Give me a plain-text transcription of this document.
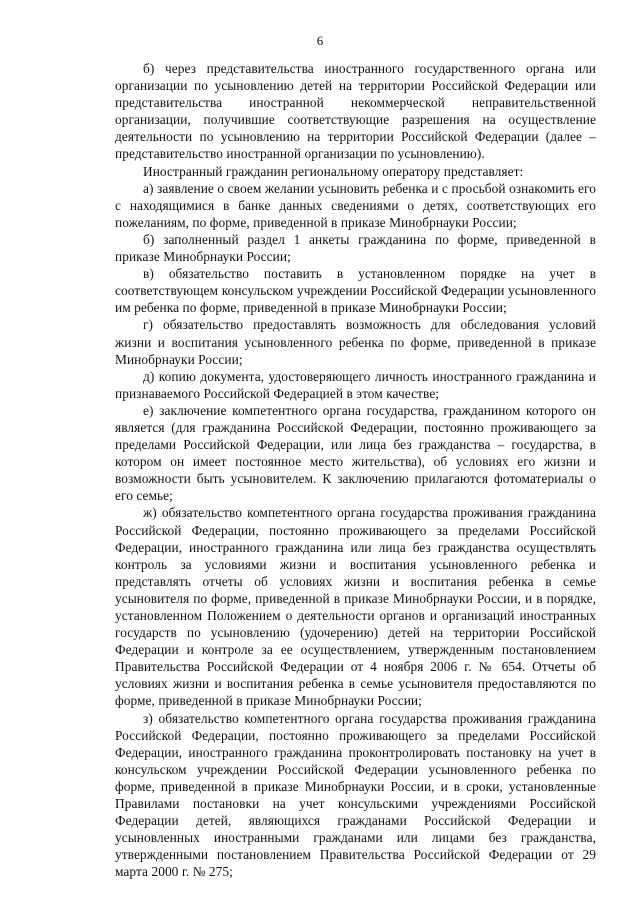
6

б) через представительства иностранного государственного органа или организации по усыновлению детей на территории Российской Федерации или представительства иностранной некоммерческой неправительственной организации, получившие соответствующие разрешения на осуществление деятельности по усыновлению на территории Российской Федерации (далее – представительство иностранной организации по усыновлению).

Иностранный гражданин региональному оператору представляет:

а) заявление о своем желании усыновить ребенка и с просьбой ознакомить его с находящимися в банке данных сведениями о детях, соответствующих его пожеланиям, по форме, приведенной в приказе Минобрнауки России;

б) заполненный раздел 1 анкеты гражданина по форме, приведенной в приказе Минобрнауки России;

в) обязательство поставить в установленном порядке на учет в соответствующем консульском учреждении Российской Федерации усыновленного им ребенка по форме, приведенной в приказе Минобрнауки России;

г) обязательство предоставлять возможность для обследования условий жизни и воспитания усыновленного ребенка по форме, приведенной в приказе Минобрнауки России;

д) копию документа, удостоверяющего личность иностранного гражданина и признаваемого Российской Федерацией в этом качестве;

е) заключение компетентного органа государства, гражданином которого он является (для гражданина Российской Федерации, постоянно проживающего за пределами Российской Федерации, или лица без гражданства – государства, в котором он имеет постоянное место жительства), об условиях его жизни и возможности быть усыновителем. К заключению прилагаются фотоматериалы о его семье;

ж) обязательство компетентного органа государства проживания гражданина Российской Федерации, постоянно проживающего за пределами Российской Федерации, иностранного гражданина или лица без гражданства осуществлять контроль за условиями жизни и воспитания усыновленного ребенка и представлять отчеты об условиях жизни и воспитания ребенка в семье усыновителя по форме, приведенной в приказе Минобрнауки России, и в порядке, установленном Положением о деятельности органов и организаций иностранных государств по усыновлению (удочерению) детей на территории Российской Федерации и контроле за ее осуществлением, утвержденным постановлением Правительства Российской Федерации от 4 ноября 2006 г. № 654. Отчеты об условиях жизни и воспитания ребенка в семье усыновителя предоставляются по форме, приведенной в приказе Минобрнауки России;

з) обязательство компетентного органа государства проживания гражданина Российской Федерации, постоянно проживающего за пределами Российской Федерации, иностранного гражданина проконтролировать постановку на учет в консульском учреждении Российской Федерации усыновленного ребенка по форме, приведенной в приказе Минобрнауки России, и в сроки, установленные Правилами постановки на учет консульскими учреждениями Российской Федерации детей, являющихся гражданами Российской Федерации и усыновленных иностранными гражданами или лицами без гражданства, утвержденными постановлением Правительства Российской Федерации от 29 марта 2000 г. № 275;
